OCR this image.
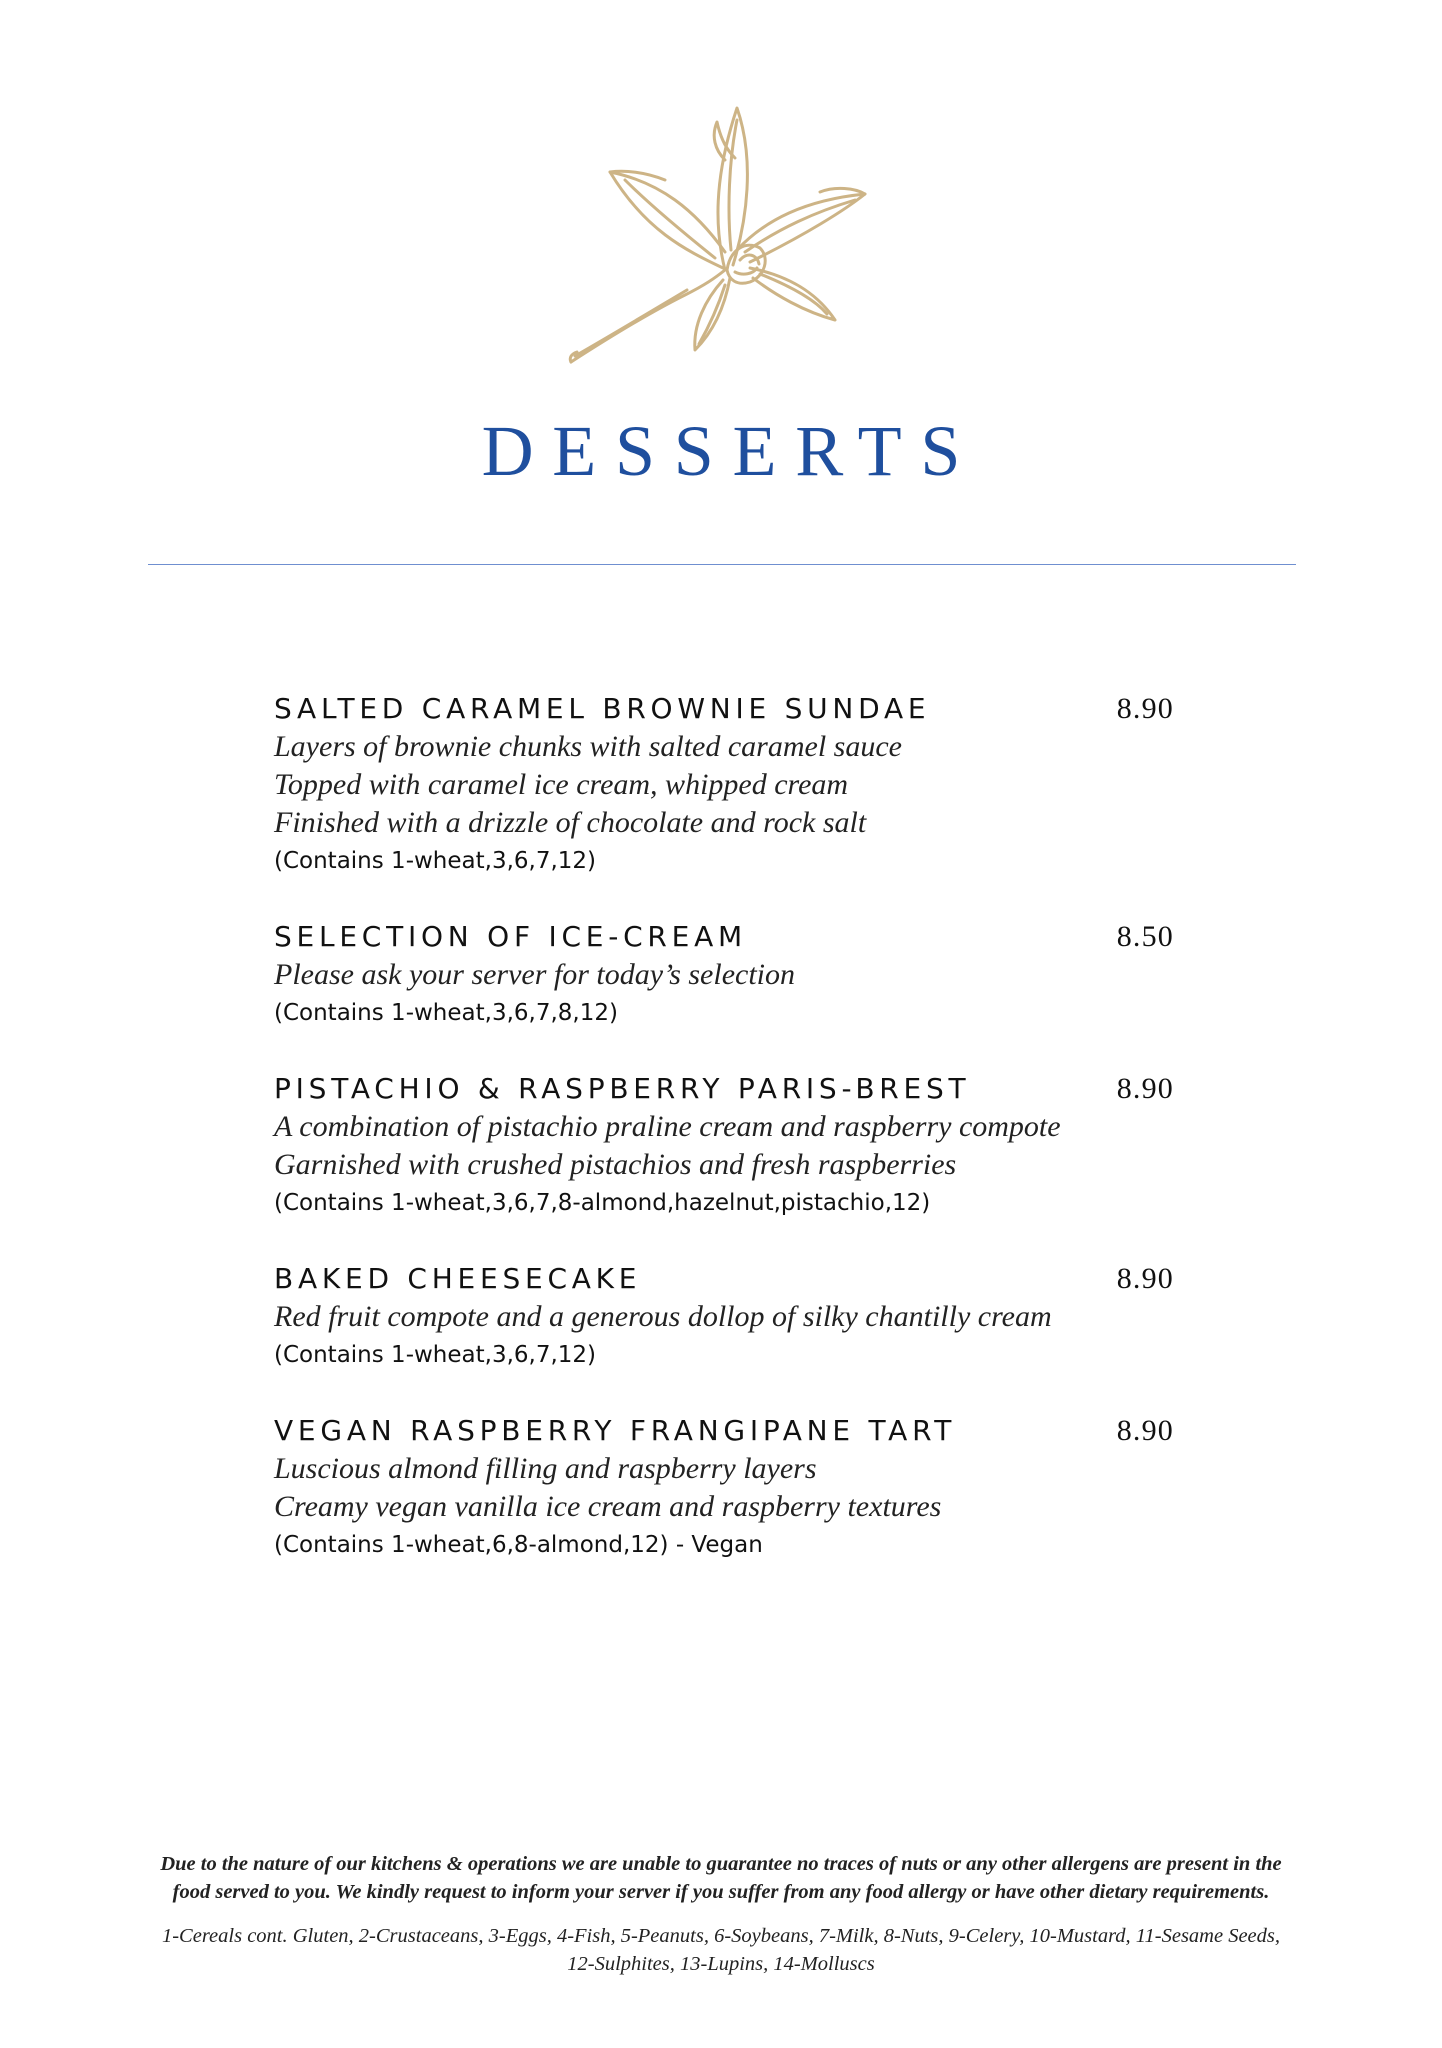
DESSERTS
SALTED CARAMEL BROWNIE SUNDAE	8.90
Layers of brownie chunks with salted caramel sauce
Topped with caramel ice cream, whipped cream
Finished with a drizzle of chocolate and rock salt
(Contains 1-wheat,3,6,7,12)
SELECTION OF ICE-CREAM	8.50
Please ask your server for today’s selection
(Contains 1-wheat,3,6,7,8,12)
PISTACHIO & RASPBERRY PARIS-BREST	8.90
A combination of pistachio praline cream and raspberry compote
Garnished with crushed pistachios and fresh raspberries
(Contains 1-wheat,3,6,7,8-almond,hazelnut,pistachio,12)
BAKED CHEESECAKE	8.90
Red fruit compote and a generous dollop of silky chantilly cream
(Contains 1-wheat,3,6,7,12)
VEGAN RASPBERRY FRANGIPANE TART	8.90
Luscious almond filling and raspberry layers
Creamy vegan vanilla ice cream and raspberry textures
(Contains 1-wheat,6,8-almond,12) - Vegan

Due to the nature of our kitchens & operations we are unable to guarantee no traces of nuts or any other allergens are present in the
food served to you. We kindly request to inform your server if you suffer from any food allergy or have other dietary requirements.

1-Cereals cont. Gluten, 2-Crustaceans, 3-Eggs, 4-Fish, 5-Peanuts, 6-Soybeans, 7-Milk, 8-Nuts, 9-Celery, 10-Mustard, 11-Sesame Seeds,
12-Sulphites, 13-Lupins, 14-Molluscs
